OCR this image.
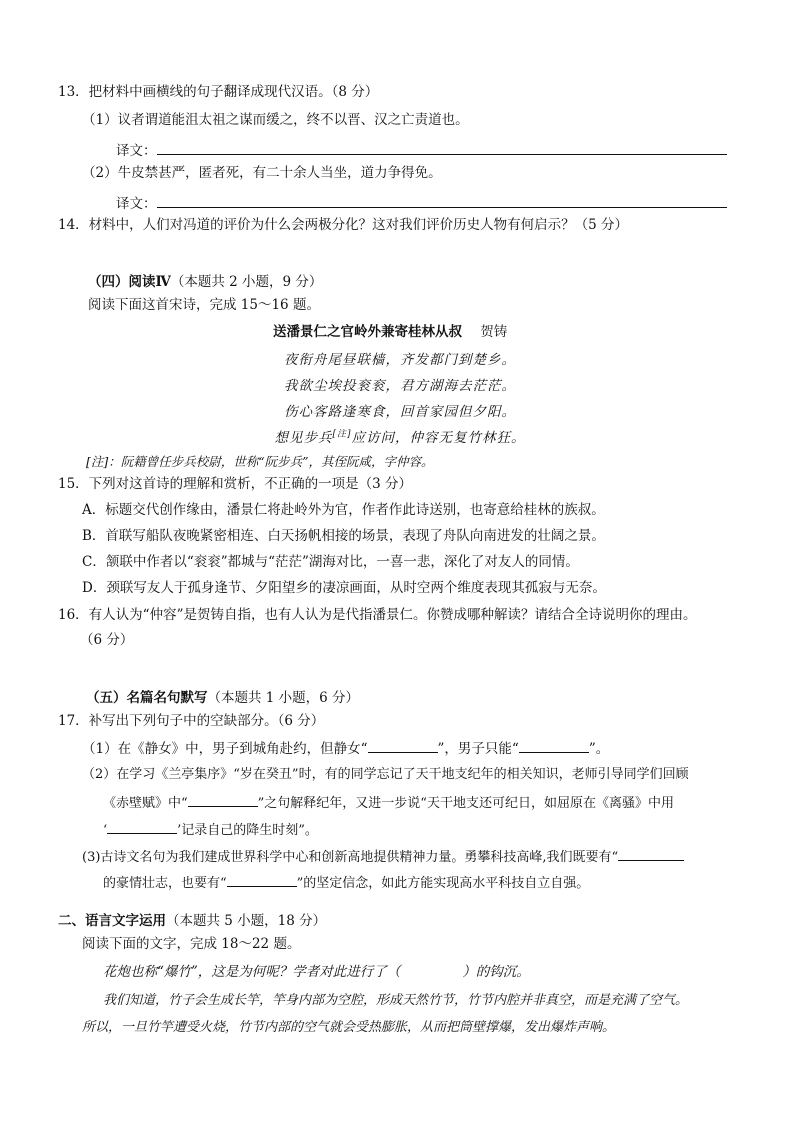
13．把材料中画横线的句子翻译成现代汉语。（8 分）
（1）议者谓道能沮太祖之谋而缓之，终不以晋、汉之亡责道也。
译文：
（2）牛皮禁甚严，匿者死，有二十余人当坐，道力争得免。
译文：
14．材料中，人们对冯道的评价为什么会两极分化？这对我们评价历史人物有何启示？（5 分）
（四）阅读Ⅳ（本题共 2 小题，9 分）
阅读下面这首宋诗，完成 15～16 题。
送潘景仁之官岭外兼寄桂林从叔 贺铸
夜衔舟尾昼联樯，齐发都门到楚乡。
我欲尘埃投衮衮，君方湖海去茫茫。
伤心客路逢寒食，回首家园但夕阳。
想见步兵[注]应访问，仲容无复竹林狂。
[注]：阮籍曾任步兵校尉，世称“阮步兵”，其侄阮咸，字仲容。
15．下列对这首诗的理解和赏析，不正确的一项是（3 分）
A．标题交代创作缘由，潘景仁将赴岭外为官，作者作此诗送别，也寄意给桂林的族叔。
B．首联写船队夜晚紧密相连、白天扬帆相接的场景，表现了舟队向南进发的壮阔之景。
C．颔联中作者以“衮衮”都城与“茫茫”湖海对比，一喜一悲，深化了对友人的同情。
D．颈联写友人于孤身逢节、夕阳望乡的凄凉画面，从时空两个维度表现其孤寂与无奈。
16．有人认为“仲容”是贺铸自指，也有人认为是代指潘景仁。你赞成哪种解读？请结合全诗说明你的理由。
（6 分）
（五）名篇名句默写（本题共 1 小题，6 分）
17．补写出下列句子中的空缺部分。（6 分）
（1）在《静女》中，男子到城角赴约，但静女“	”，男子只能“	”。
（2）在学习《兰亭集序》“岁在癸丑”时，有的同学忘记了天干地支纪年的相关知识，老师引导同学们回顾
《赤壁赋》中“	”之句解释纪年，又进一步说“天干地支还可纪日，如屈原在《离骚》中用
‘	’记录自己的降生时刻”。
(3)古诗文名句为我们建成世界科学中心和创新高地提供精神力量。勇攀科技高峰,我们既要有“
的豪情壮志，也要有“	”的坚定信念，如此方能实现高水平科技自立自强。
二、语言文字运用（本题共 5 小题，18 分）
阅读下面的文字，完成 18～22 题。
花炮也称“爆竹”，这是为何呢？学者对此进行了（	）的钩沉。
我们知道，竹子会生成长竿，竿身内部为空腔，形成天然竹节，竹节内腔并非真空，而是充满了空气。
所以，一旦竹竿遭受火烧，竹节内部的空气就会受热膨胀，从而把筒壁撑爆，发出爆炸声响。
